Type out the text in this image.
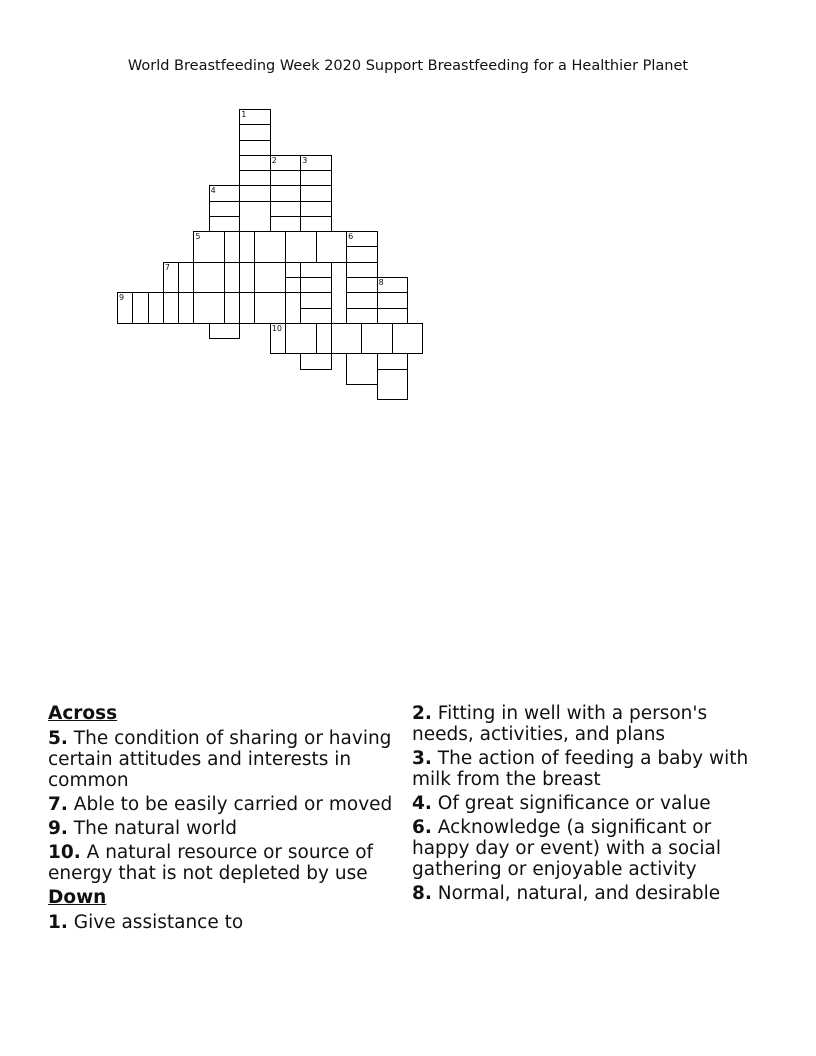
World Breastfeeding Week 2020 Support Breastfeeding for a Healthier Planet
1
2	3
4
5	6
7
8
9
10
Across
5. The condition of sharing or having certain attitudes and interests in common
7. Able to be easily carried or moved
9. The natural world
10. A natural resource or source of energy that is not depleted by use
Down
1. Give assistance to
2. Fitting in well with a person's needs, activities, and plans
3. The action of feeding a baby with milk from the breast
4. Of great significance or value
6. Acknowledge (a significant or happy day or event) with a social gathering or enjoyable activity
8. Normal, natural, and desirable
